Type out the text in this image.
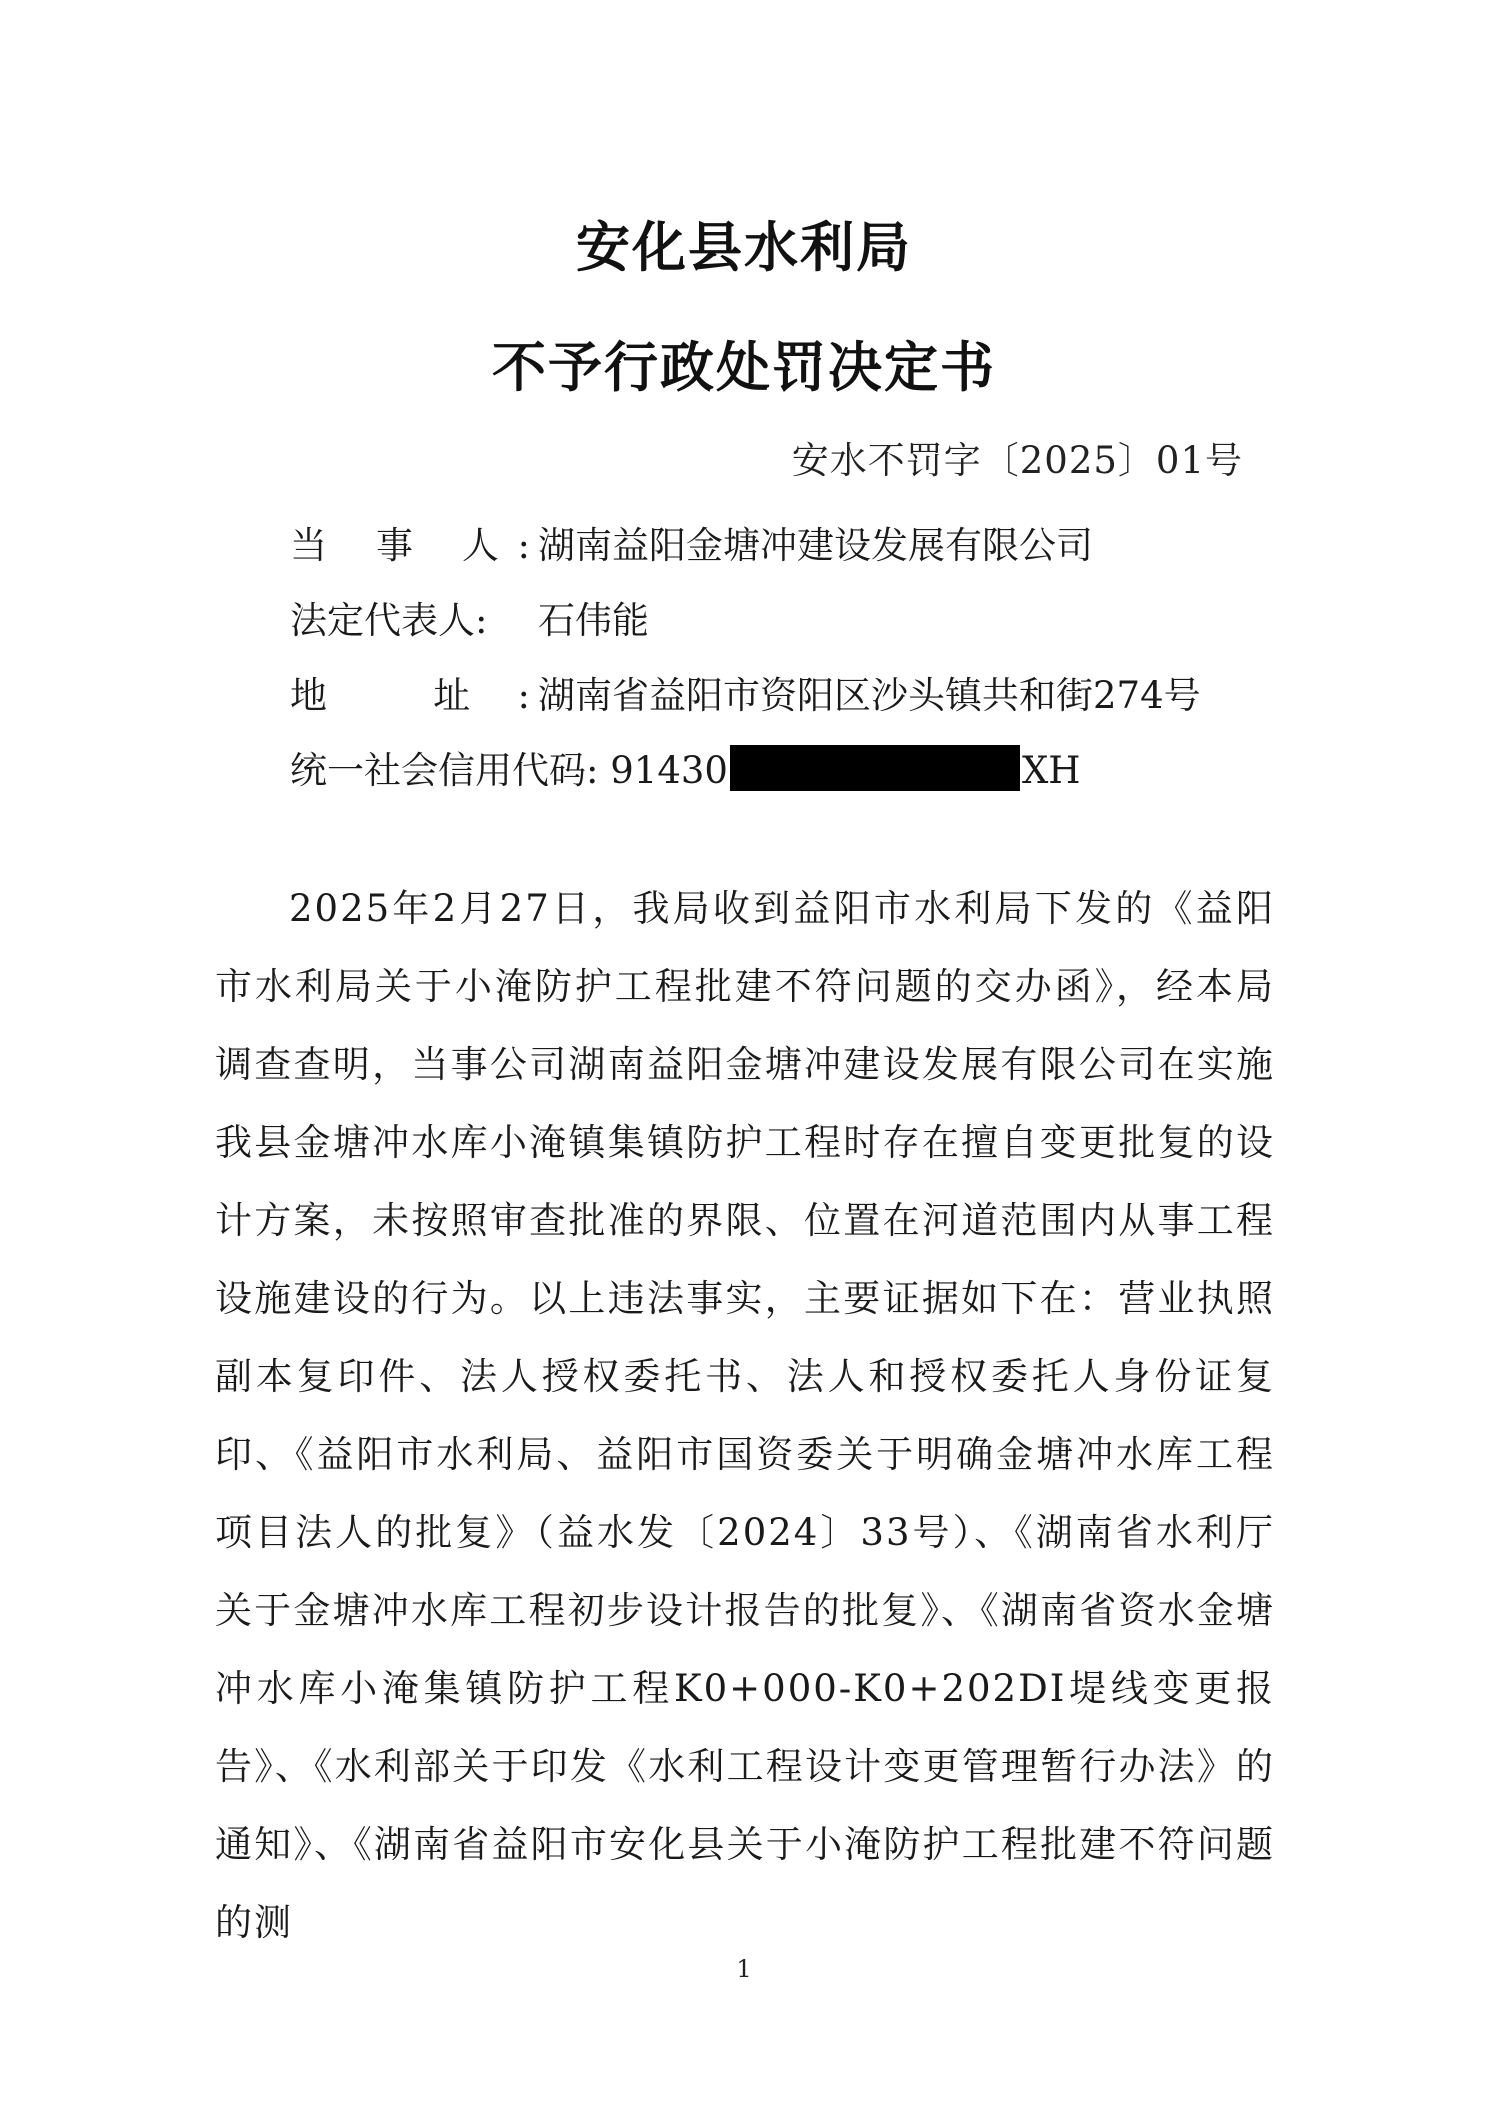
安化县水利局
不予行政处罚决定书
安水不罚字〔2025〕01号
当 事 人: 湖南益阳金塘冲建设发展有限公司
法定代表人: 石伟能
地 址: 湖南省益阳市资阳区沙头镇共和街274号
统一社会信用代码: 91430	XH
2025年2月27日，我局收到益阳市水利局下发的《益阳市水利局关于小淹防护工程批建不符问题的交办函》，经本局调查查明，当事公司湖南益阳金塘冲建设发展有限公司在实施我县金塘冲水库小淹镇集镇防护工程时存在擅自变更批复的设计方案，未按照审查批准的界限、位置在河道范围内从事工程设施建设的行为。以上违法事实，主要证据如下在：营业执照副本复印件、法人授权委托书、法人和授权委托人身份证复印、《益阳市水利局、益阳市国资委关于明确金塘冲水库工程项目法人的批复》（益水发〔2024〕33号）、《湖南省水利厅关于金塘冲水库工程初步设计报告的批复》、《湖南省资水金塘冲水库小淹集镇防护工程K0+000-K0+202DI堤线变更报告》、《水利部关于印发《水利工程设计变更管理暂行办法》的通知》、《湖南省益阳市安化县关于小淹防护工程批建不符问题的测
1
